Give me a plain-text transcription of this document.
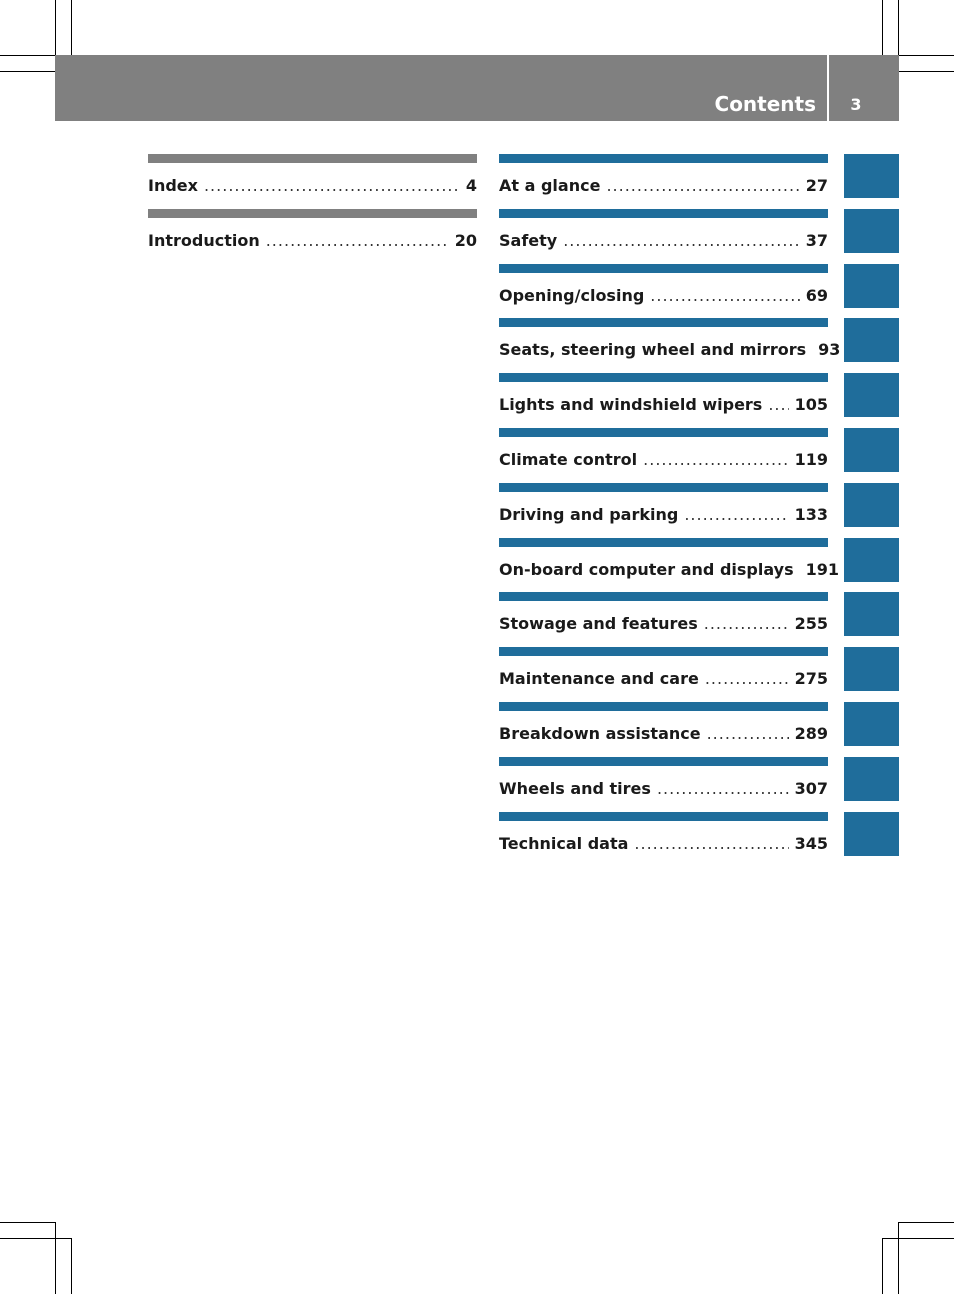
Contents	3
Index .....	4
Introduction .....	20
At a glance .....	27
Safety .....	37
Opening/closing .....	69
Seats, steering wheel and mirrors 93
Lights and windshield wipers ..... 105
Climate control .....	119
Driving and parking .....	133
On-board computer and displays 191
Stowage and features .....	255
Maintenance and care .....	275
Breakdown assistance .....	289
Wheels and tires .....	307
Technical data .....	345
